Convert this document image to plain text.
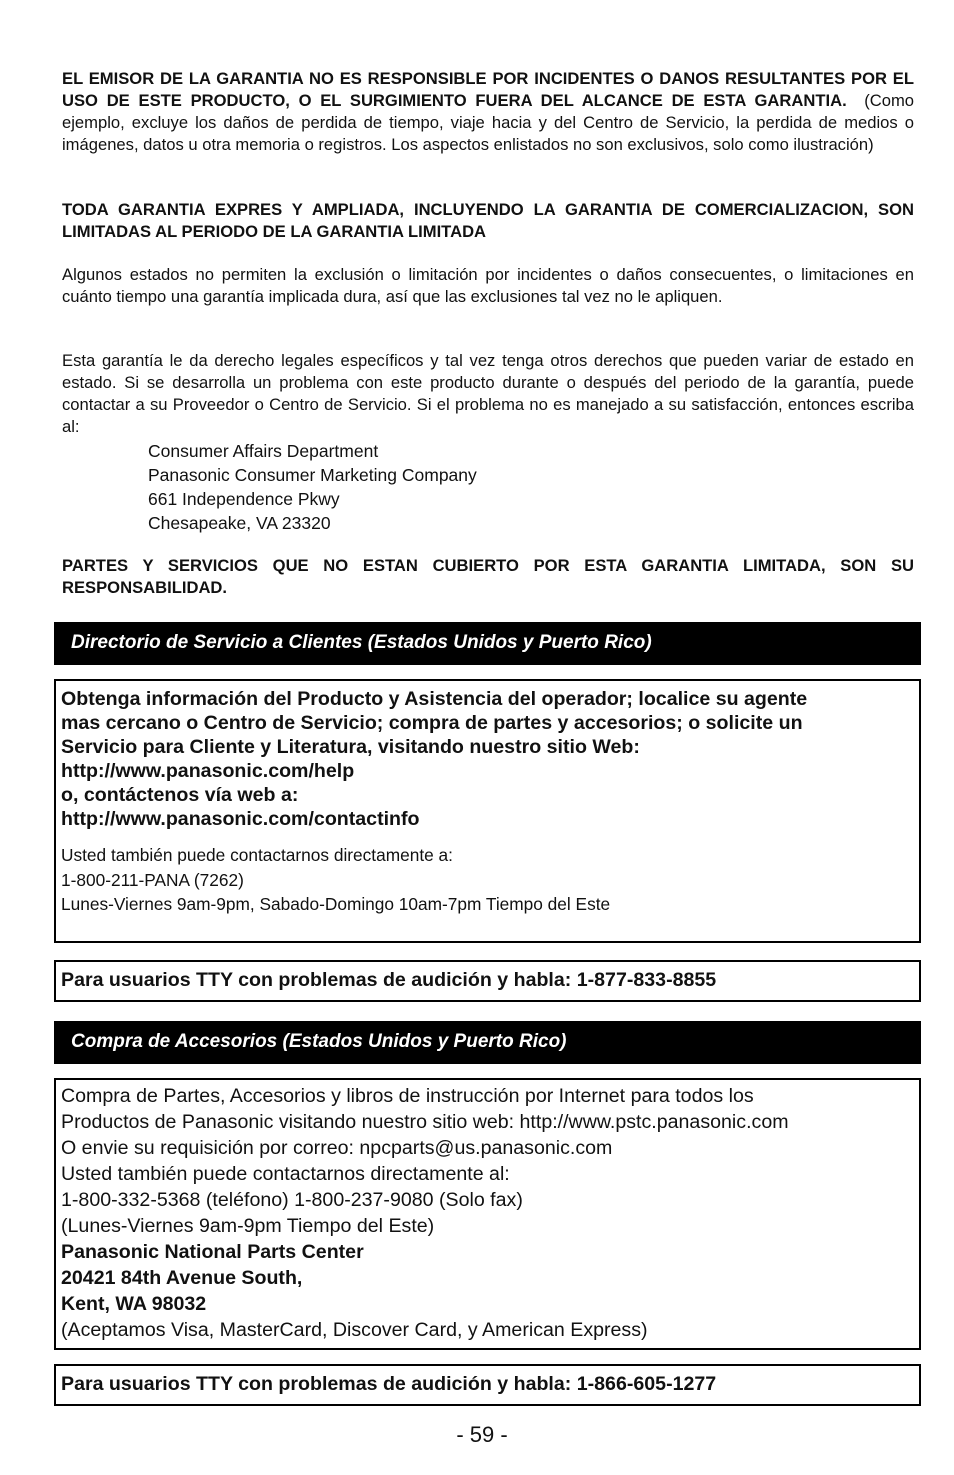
EL EMISOR DE LA GARANTIA NO ES RESPONSIBLE POR INCIDENTES O DANOS RESULTANTES POR EL USO DE ESTE PRODUCTO, O EL SURGIMIENTO FUERA DEL ALCANCE DE ESTA GARANTIA. (Como ejemplo, excluye los daños de perdida de tiempo, viaje hacia y del Centro de Servicio, la perdida de medios o imágenes, datos u otra memoria o registros. Los aspectos enlistados no son exclusivos, solo como ilustración)

TODA GARANTIA EXPRES Y AMPLIADA, INCLUYENDO LA GARANTIA DE COMERCIALIZACION, SON LIMITADAS AL PERIODO DE LA GARANTIA LIMITADA

Algunos estados no permiten la exclusión o limitación por incidentes o daños consecuentes, o limitaciones en cuánto tiempo una garantía implicada dura, así que las exclusiones tal vez no le apliquen.

Esta garantía le da derecho legales específicos y tal vez tenga otros derechos que pueden variar de estado en estado. Si se desarrolla un problema con este producto durante o después del periodo de la garantía, puede contactar a su Proveedor o Centro de Servicio. Si el problema no es manejado a su satisfacción, entonces escriba al:

Consumer Affairs Department
Panasonic Consumer Marketing Company
661 Independence Pkwy
Chesapeake, VA 23320

PARTES Y SERVICIOS QUE NO ESTAN CUBIERTO POR ESTA GARANTIA LIMITADA, SON SU RESPONSABILIDAD.

Directorio de Servicio a Clientes (Estados Unidos y Puerto Rico)
Obtenga información del Producto y Asistencia del operador; localice su agente
mas cercano o Centro de Servicio; compra de partes y accesorios; o solicite un
Servicio para Cliente y Literatura, visitando nuestro sitio Web:
http://www.panasonic.com/help
o, contáctenos vía web a:
http://www.panasonic.com/contactinfo
Usted también puede contactarnos directamente a:
1-800-211-PANA (7262)
Lunes-Viernes 9am-9pm, Sabado-Domingo 10am-7pm Tiempo del Este
Para usuarios TTY con problemas de audición y habla: 1-877-833-8855
Compra de Accesorios (Estados Unidos y Puerto Rico)
Compra de Partes, Accesorios y libros de instrucción por Internet para todos los
Productos de Panasonic visitando nuestro sitio web: http://www.pstc.panasonic.com
O envie su requisición por correo: npcparts@us.panasonic.com
Usted también puede contactarnos directamente al:
1-800-332-5368 (teléfono) 1-800-237-9080 (Solo fax)
(Lunes-Viernes 9am-9pm Tiempo del Este)
Panasonic National Parts Center
20421 84th Avenue South,
Kent, WA 98032
(Aceptamos Visa, MasterCard, Discover Card, y American Express)
Para usuarios TTY con problemas de audición y habla: 1-866-605-1277
- 59 -
